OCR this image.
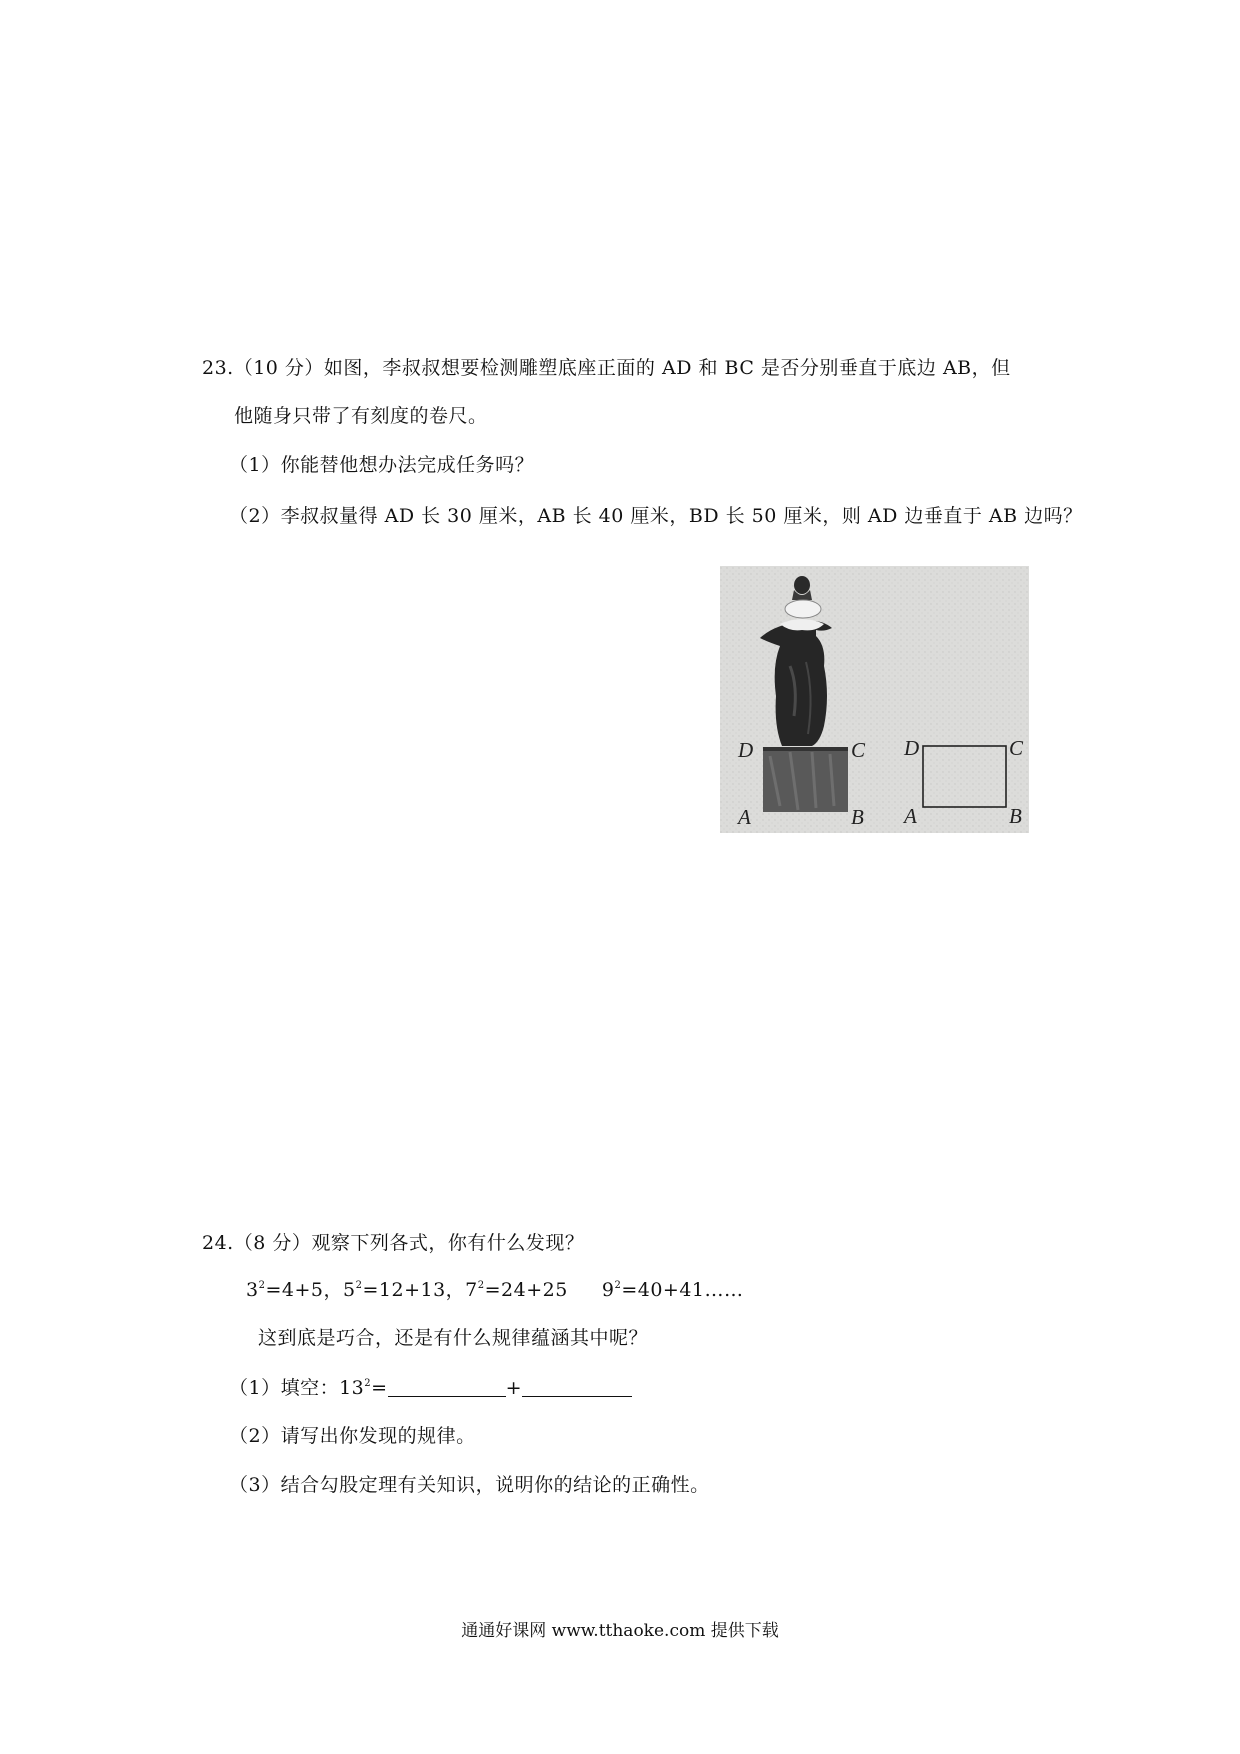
23.（10 分）如图，李叔叔想要检测雕塑底座正面的 AD 和 BC 是否分别垂直于底边 AB，但
他随身只带了有刻度的卷尺。
（1）你能替他想办法完成任务吗？
（2）李叔叔量得 AD 长 30 厘米，AB 长 40 厘米，BD 长 50 厘米，则 AD 边垂直于 AB 边吗？
D	C
A	B
D	C
A	B
24.（8 分）观察下列各式，你有什么发现？
$3^2=4+5$，$5^2=12+13$，$7^2=24+25$ $9^2=40+41\dots\dots$
这到底是巧合，还是有什么规律蕴涵其中呢？
（1）填空：$13^2=$	+
（2）请写出你发现的规律。
（3）结合勾股定理有关知识，说明你的结论的正确性。
通通好课网 www.tthaoke.com 提供下载
